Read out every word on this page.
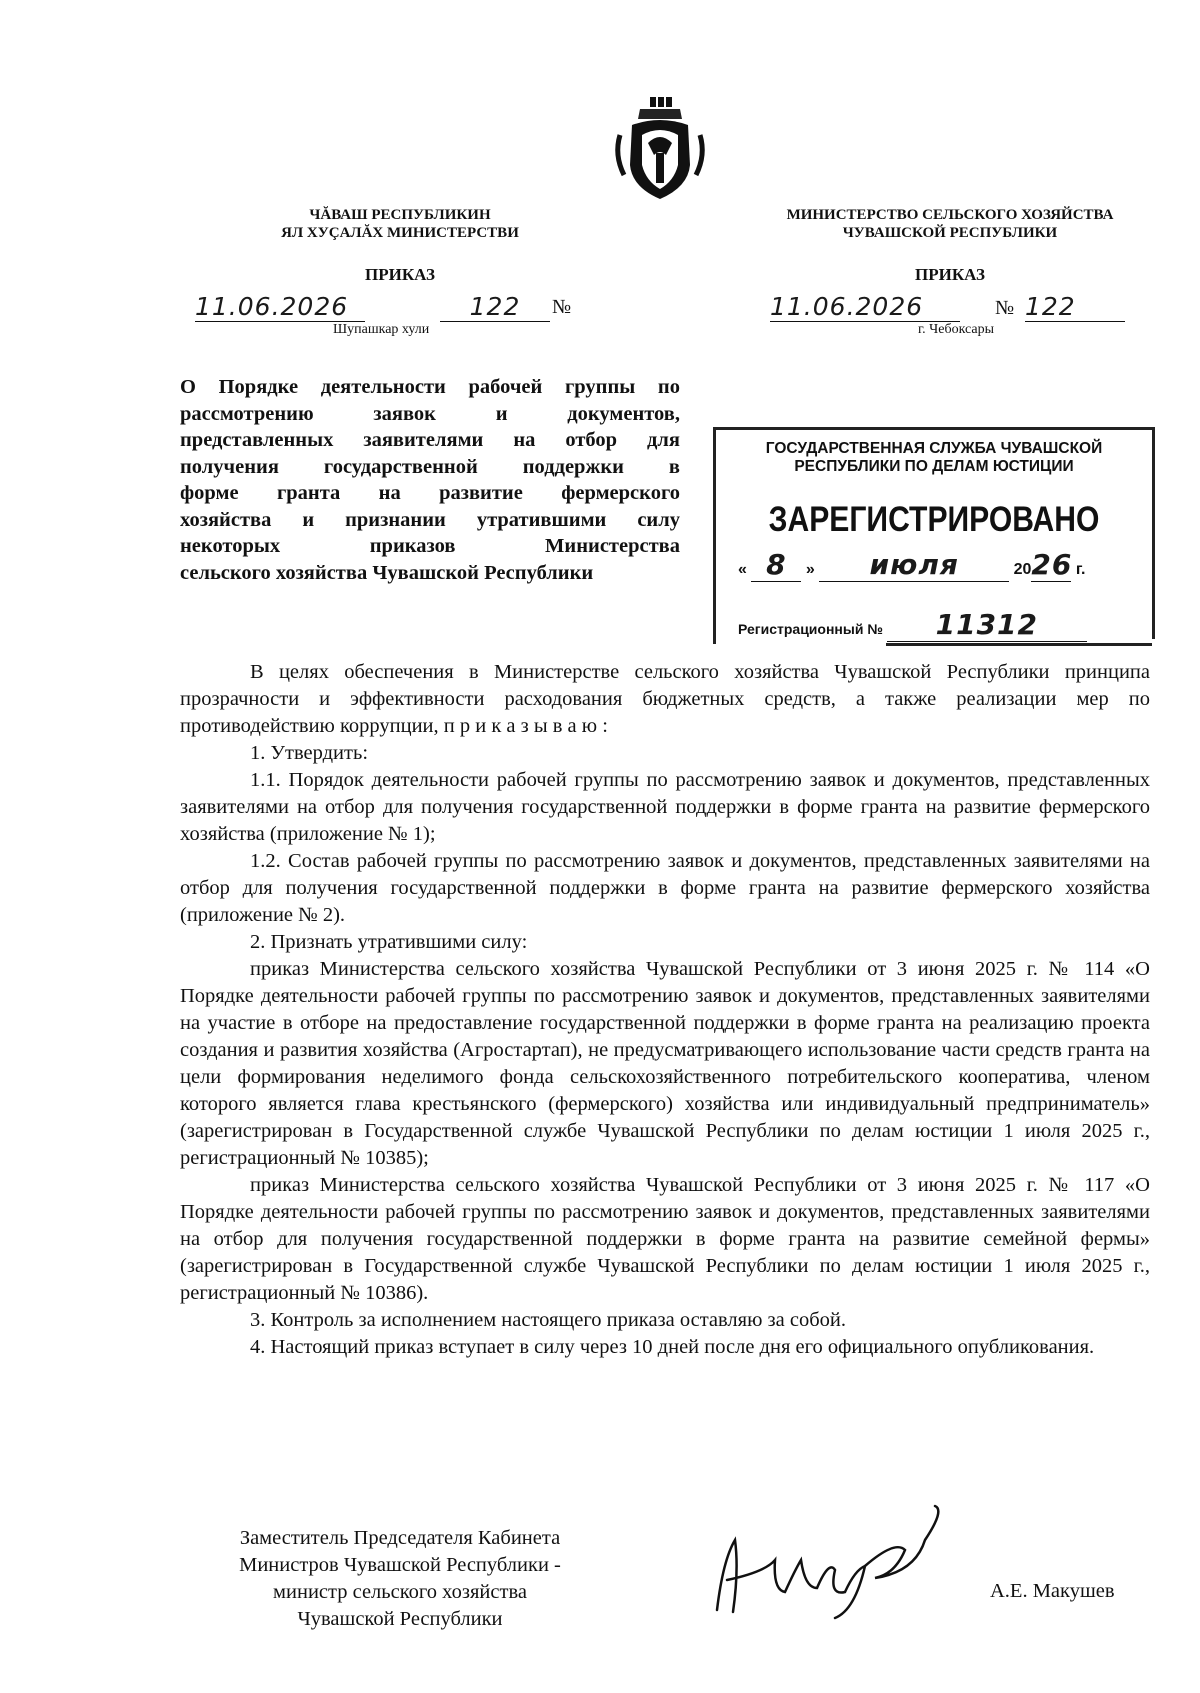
ЧĂВАШ РЕСПУБЛИКИН
ЯЛ ХУÇАЛĂХ МИНИСТЕРСТВИ
МИНИСТЕРСТВО СЕЛЬСКОГО ХОЗЯЙСТВА
ЧУВАШСКОЙ РЕСПУБЛИКИ
ПРИКАЗ	ПРИКАЗ
11.06.2026	122	№
Шупашкар хули
11.06.2026	№ 122
г. Чебоксары
О Порядке деятельности рабочей группы по
рассмотрению заявок и документов,
представленных заявителями на отбор для
получения государственной поддержки в
форме гранта на развитие фермерского
хозяйства и признании утратившими силу
некоторых приказов Министерства
сельского хозяйства Чувашской Республики
ГОСУДАРСТВЕННАЯ СЛУЖБА ЧУВАШСКОЙ
РЕСПУБЛИКИ ПО ДЕЛАМ ЮСТИЦИИ
ЗАРЕГИСТРИРОВАНО
« 8 » июля	2026 г.
Регистрационный № 11312

В целях обеспечения в Министерстве сельского хозяйства Чувашской Республики принципа прозрачности и эффективности расходования бюджетных средств, а также реализации мер по противодействию коррупции, п р и к а з ы в а ю :

1. Утвердить:

1.1. Порядок деятельности рабочей группы по рассмотрению заявок и документов, представленных заявителями на отбор для получения государственной поддержки в форме гранта на развитие фермерского хозяйства (приложение № 1);

1.2. Состав рабочей группы по рассмотрению заявок и документов, представленных заявителями на отбор для получения государственной поддержки в форме гранта на развитие фермерского хозяйства (приложение № 2).

2. Признать утратившими силу:

приказ Министерства сельского хозяйства Чувашской Республики от 3 июня 2025 г. № 114 «О Порядке деятельности рабочей группы по рассмотрению заявок и документов, представленных заявителями на участие в отборе на предоставление государственной поддержки в форме гранта на реализацию проекта создания и развития хозяйства (Агростартап), не предусматривающего использование части средств гранта на цели формирования неделимого фонда сельскохозяйственного потребительского кооператива, членом которого является глава крестьянского (фермерского) хозяйства или индивидуальный предприниматель» (зарегистрирован в Государственной службе Чувашской Республики по делам юстиции 1 июля 2025 г., регистрационный № 10385);

приказ Министерства сельского хозяйства Чувашской Республики от 3 июня 2025 г. № 117 «О Порядке деятельности рабочей группы по рассмотрению заявок и документов, представленных заявителями на отбор для получения государственной поддержки в форме гранта на развитие семейной фермы» (зарегистрирован в Государственной службе Чувашской Республики по делам юстиции 1 июля 2025 г., регистрационный № 10386).

3. Контроль за исполнением настоящего приказа оставляю за собой.

4. Настоящий приказ вступает в силу через 10 дней после дня его официального опубликования.

Заместитель Председателя Кабинета
Министров Чувашской Республики -
министр сельского хозяйства
Чувашской Республики
А.Е. Макушев
